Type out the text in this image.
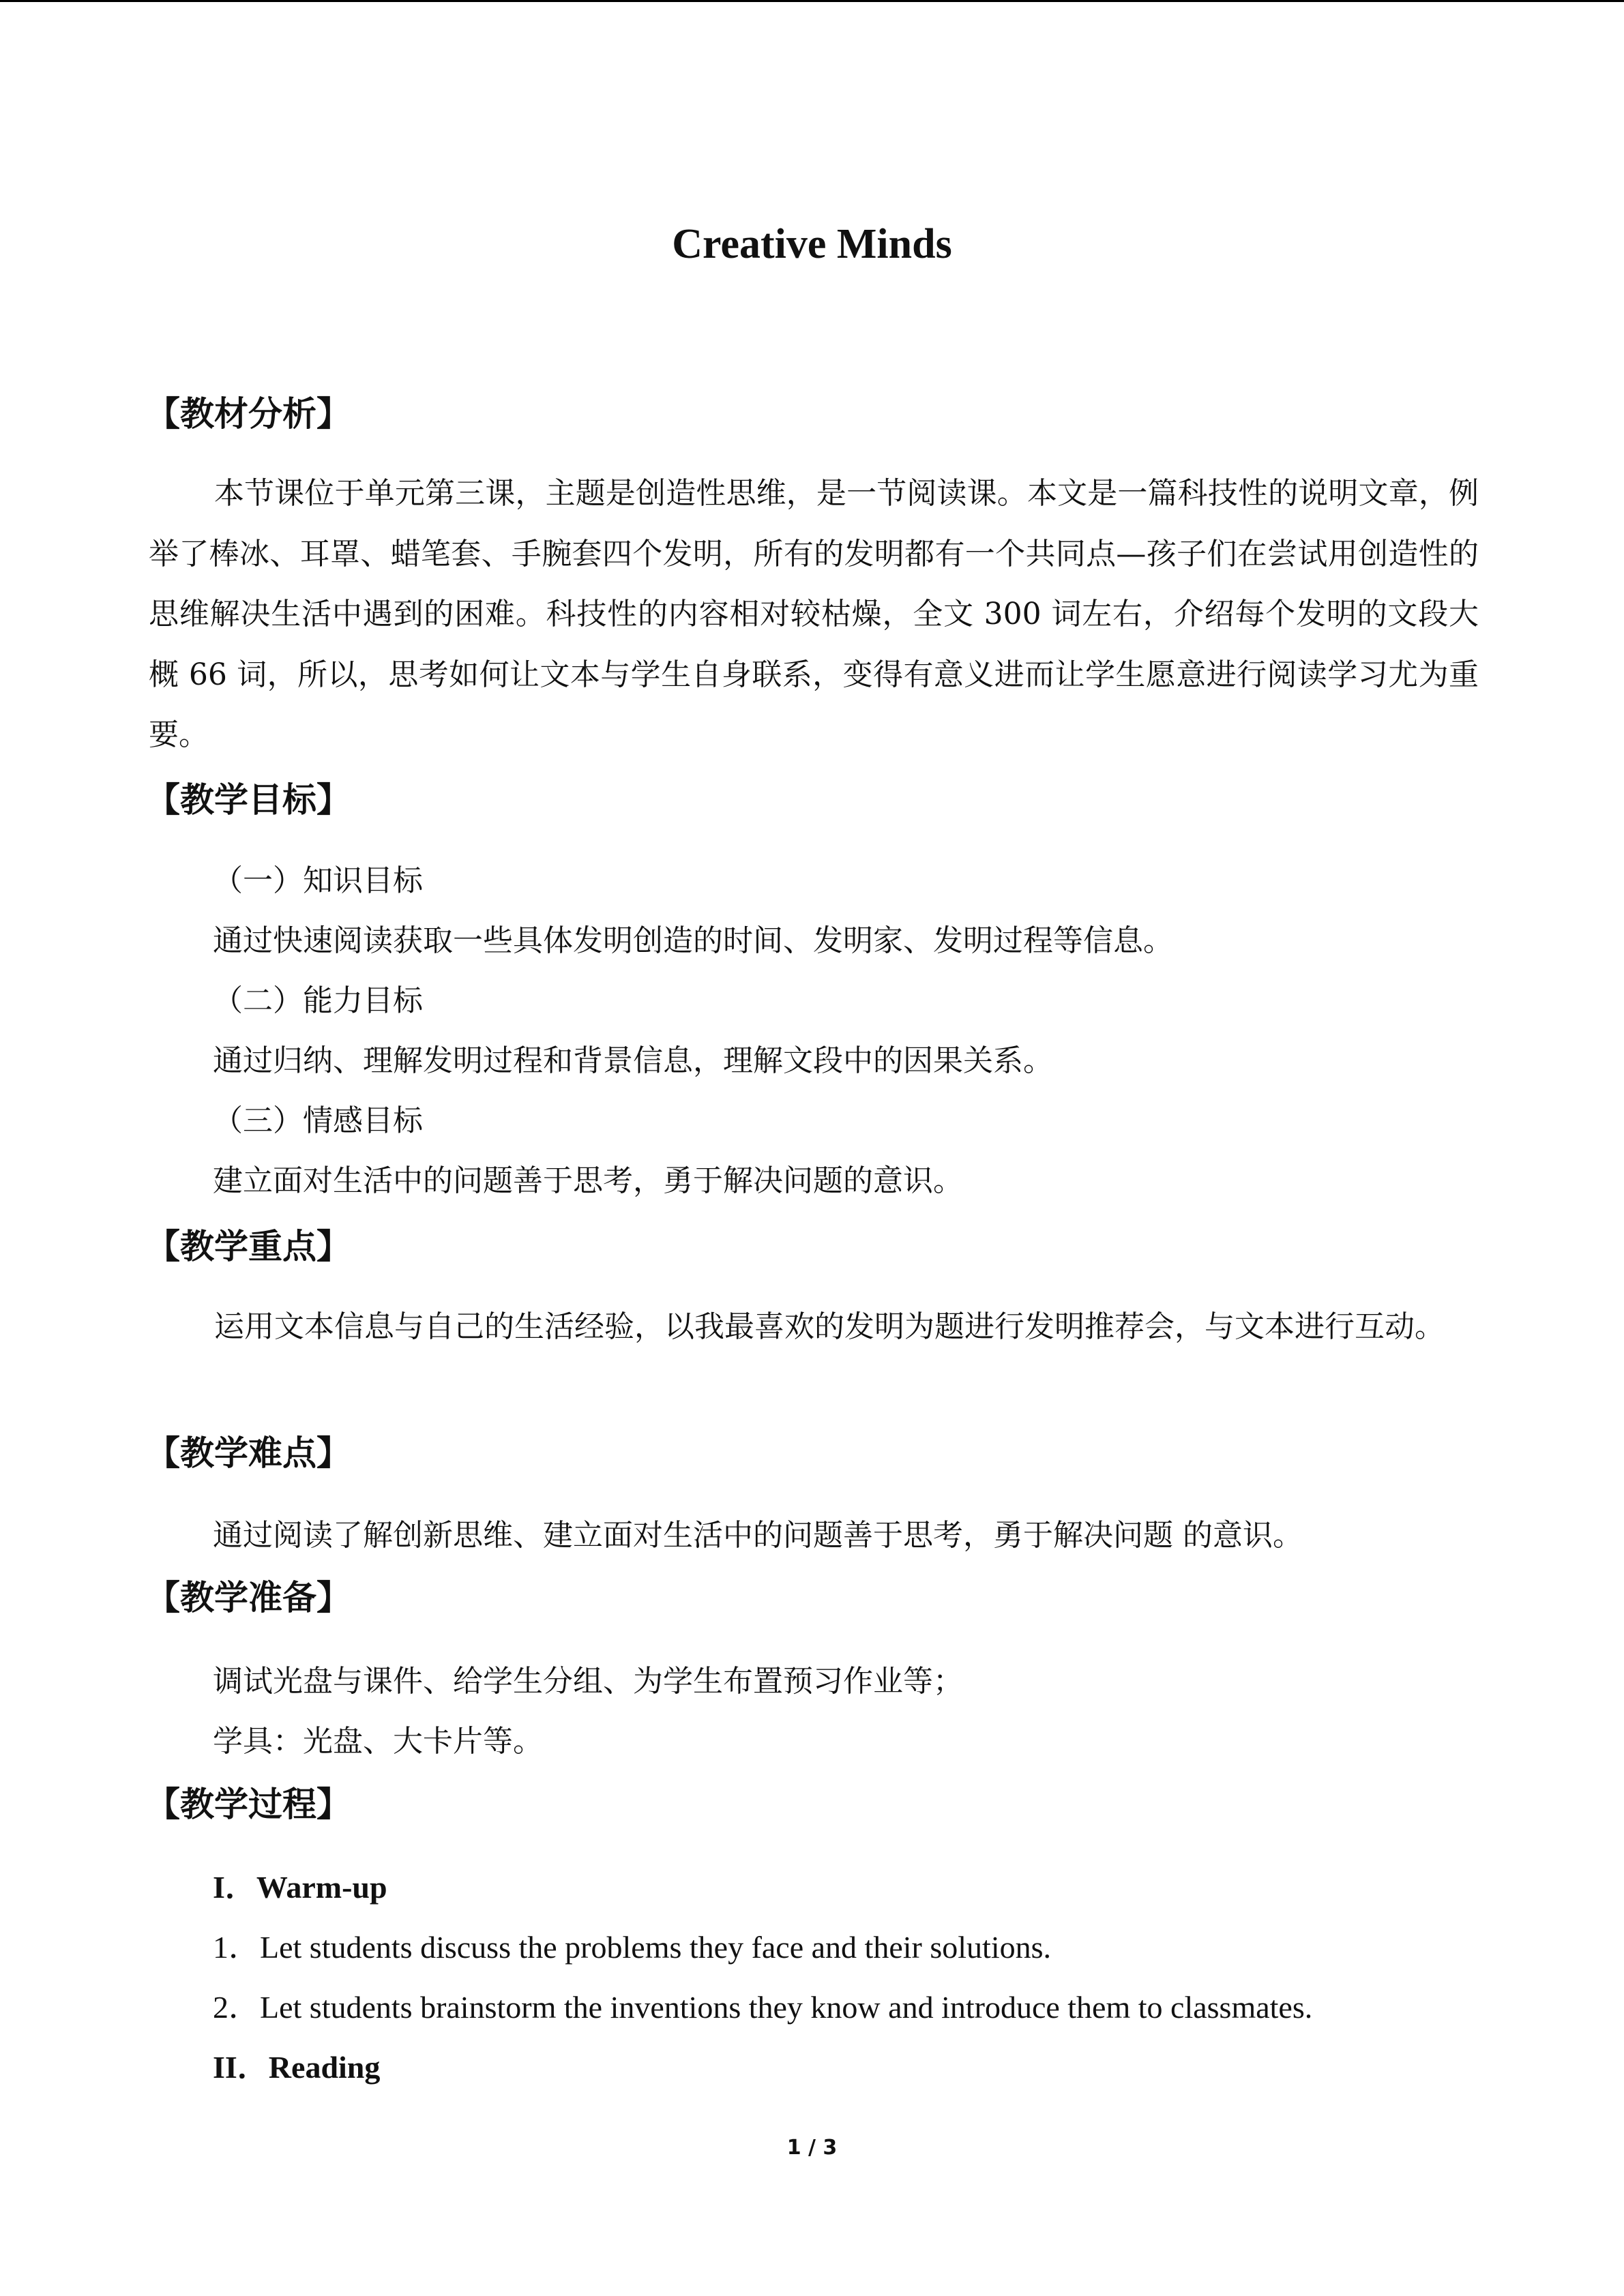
Creative Minds
【教材分析】
本节课位于单元第三课，主题是创造性思维，是一节阅读课。本文是一篇科技性的说明文章，例举了棒冰、耳罩、蜡笔套、手腕套四个发明，所有的发明都有一个共同点—孩子们在尝试用创造性的思维解决生活中遇到的困难。科技性的内容相对较枯燥，全文 300 词左右，介绍每个发明的文段大概 66 词，所以，思考如何让文本与学生自身联系，变得有意义进而让学生愿意进行阅读学习尤为重要。
【教学目标】
（一）知识目标
通过快速阅读获取一些具体发明创造的时间、发明家、发明过程等信息。
（二）能力目标
通过归纳、理解发明过程和背景信息，理解文段中的因果关系。
（三）情感目标
建立面对生活中的问题善于思考，勇于解决问题的意识。
【教学重点】
运用文本信息与自己的生活经验，以我最喜欢的发明为题进行发明推荐会，与文本进行互动。
【教学难点】
通过阅读了解创新思维、建立面对生活中的问题善于思考，勇于解决问题 的意识。
【教学准备】
调试光盘与课件、给学生分组、为学生布置预习作业等；
学具：光盘、大卡片等。
【教学过程】
I．Warm-up
1．Let students discuss the problems they face and their solutions.
2．Let students brainstorm the inventions they know and introduce them to classmates.
II．Reading
1 / 3
